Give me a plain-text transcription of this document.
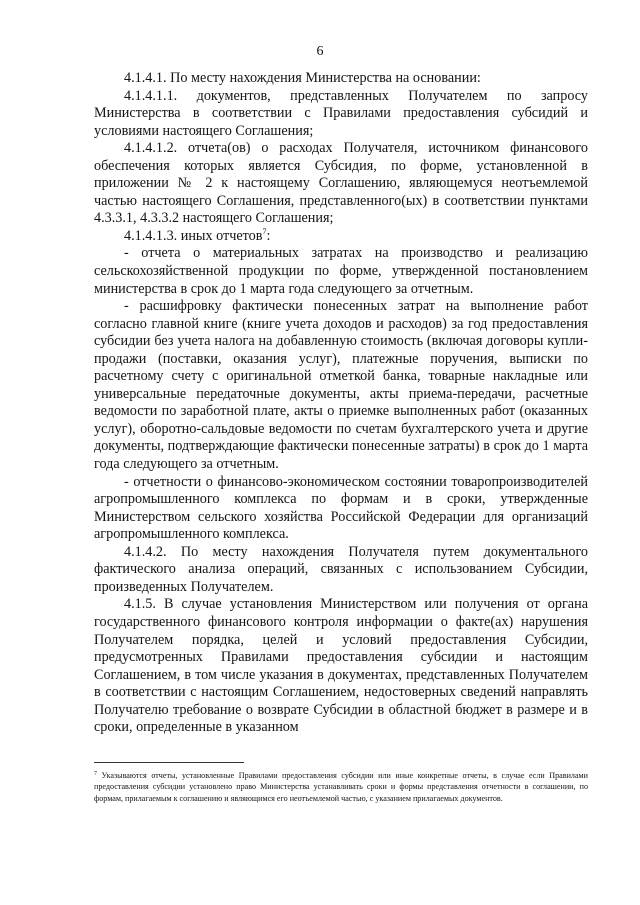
6

4.1.4.1. По месту нахождения Министерства на основании:

4.1.4.1.1. документов, представленных Получателем по запросу Министерства в соответствии с Правилами предоставления субсидий и условиями настоящего Соглашения;

4.1.4.1.2. отчета(ов) о расходах Получателя, источником финансового обеспечения которых является Субсидия, по форме, установленной в приложении № 2 к настоящему Соглашению, являющемуся неотъемлемой частью настоящего Соглашения, представленного(ых) в соответствии пунктами 4.3.3.1, 4.3.3.2 настоящего Соглашения;

4.1.4.1.3. иных отчетов$^7$:

- отчета о материальных затратах на производство и реализацию сельскохозяйственной продукции по форме, утвержденной постановлением министерства в срок до 1 марта года следующего за отчетным.

- расшифровку фактически понесенных затрат на выполнение работ согласно главной книге (книге учета доходов и расходов) за год предоставления субсидии без учета налога на добавленную стоимость (включая договоры купли- продажи (поставки, оказания услуг), платежные поручения, выписки по расчетному счету с оригинальной отметкой банка, товарные накладные или универсальные передаточные документы, акты приема-передачи, расчетные ведомости по заработной плате, акты о приемке выполненных работ (оказанных услуг), оборотно-сальдовые ведомости по счетам бухгалтерского учета и другие документы, подтверждающие фактически понесенные затраты) в срок до 1 марта года следующего за отчетным.

- отчетности о финансово-экономическом состоянии товаропроизводителей агропромышленного комплекса по формам и в сроки, утвержденные Министерством сельского хозяйства Российской Федерации для организаций агропромышленного комплекса.

4.1.4.2. По месту нахождения Получателя путем документального фактического анализа операций, связанных с использованием Субсидии, произведенных Получателем.

4.1.5. В случае установления Министерством или получения от органа государственного финансового контроля информации о факте(ах) нарушения Получателем порядка, целей и условий предоставления Субсидии, предусмотренных Правилами предоставления субсидии и настоящим Соглашением, в том числе указания в документах, представленных Получателем в соответствии с настоящим Соглашением, недостоверных сведений направлять Получателю требование о возврате Субсидии в областной бюджет в размере и в сроки, определенные в указанном

$^7$ Указываются отчеты, установленные Правилами предоставления субсидии или иные конкретные отчеты, в случае если Правилами предоставления субсидии установлено право Министерства устанавливать сроки и формы представления отчетности в соглашении, по формам, прилагаемым к соглашению и являющимся его неотъемлемой частью, с указанием прилагаемых документов.
